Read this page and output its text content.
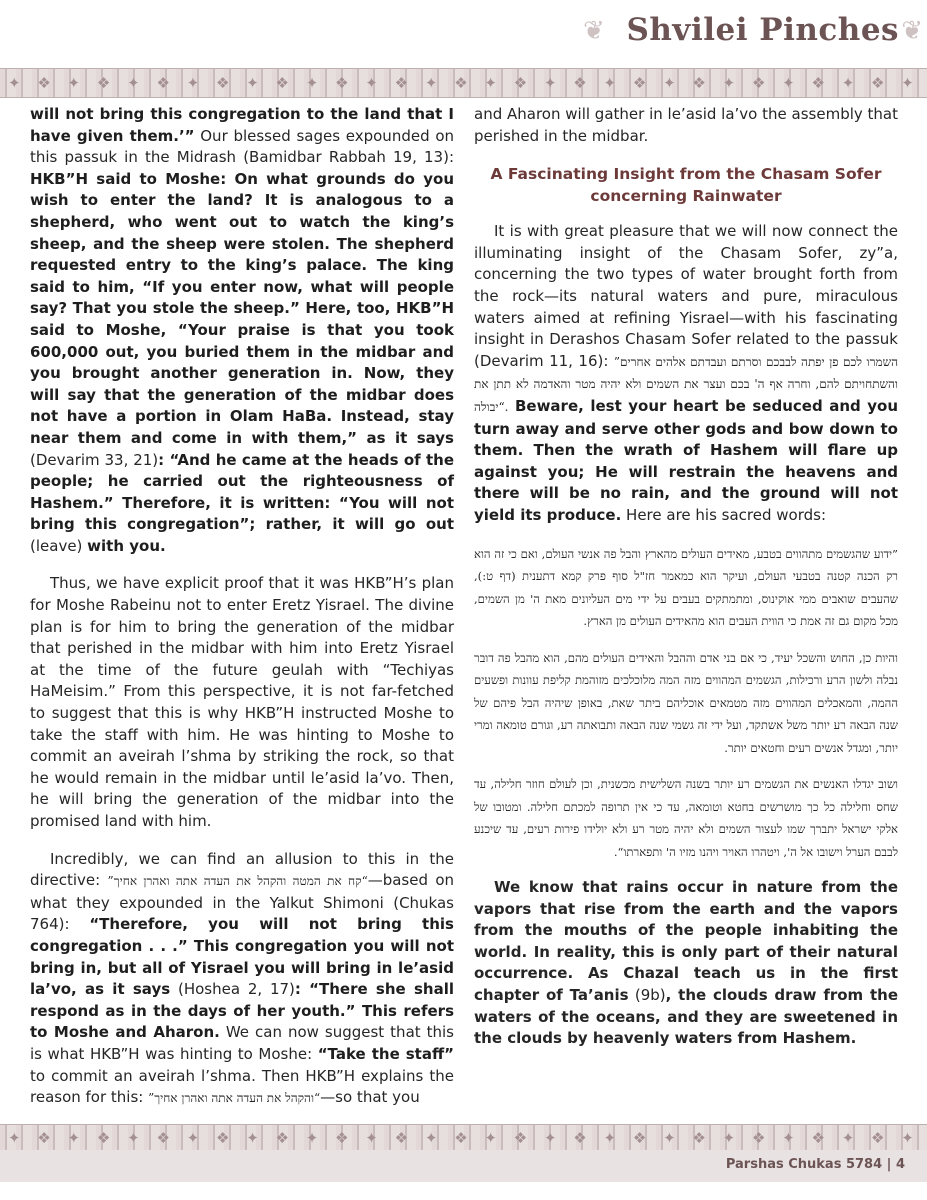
❦ Shvilei Pinches ❦
✦ ❖ ✦ ❖ ✦ ❖ ✦ ❖ ✦ ❖ ✦ ❖ ✦ ❖ ✦ ❖ ✦ ❖ ✦ ❖ ✦ ❖ ✦ ❖ ✦ ❖ ✦ ❖ ✦ ❖ ✦

will not bring this congregation to the land that I have given them.’” Our blessed sages expounded on this passuk in the Midrash (Bamidbar Rabbah 19, 13): HKB”H said to Moshe: On what grounds do you wish to enter the land? It is analogous to a shepherd, who went out to watch the king’s sheep, and the sheep were stolen. The shepherd requested entry to the king’s palace. The king said to him, “If you enter now, what will people say? That you stole the sheep.” Here, too, HKB”H said to Moshe, “Your praise is that you took 600,000 out, you buried them in the midbar and you brought another generation in. Now, they will say that the generation of the midbar does not have a portion in Olam HaBa. Instead, stay near them and come in with them,” as it says (Devarim 33, 21): “And he came at the heads of the people; he carried out the righteousness of Hashem.” Therefore, it is written: “You will not bring this congregation”; rather, it will go out (leave) with you.

Thus, we have explicit proof that it was HKB”H’s plan for Moshe Rabeinu not to enter Eretz Yisrael. The divine plan is for him to bring the generation of the midbar that perished in the midbar with him into Eretz Yisrael at the time of the future geulah with “Techiyas HaMeisim.” From this perspective, it is not far-fetched to suggest that this is why HKB”H instructed Moshe to take the staff with him. He was hinting to Moshe to commit an aveirah l’shma by striking the rock, so that he would remain in the midbar until le’asid la’vo. Then, he will bring the generation of the midbar into the promised land with him.

Incredibly, we can find an allusion to this in the directive: ”קח את המטה והקהל את העדה אתה ואהרן אחיך“—based on what they expounded in the Yalkut Shimoni (Chukas 764): “Therefore, you will not bring this congregation . . .” This congregation you will not bring in, but all of Yisrael you will bring in le’asid la’vo, as it says (Hoshea 2, 17): “There she shall respond as in the days of her youth.” This refers to Moshe and Aharon. We can now suggest that this is what HKB”H was hinting to Moshe: “Take the staff” to commit an aveirah l’shma. Then HKB”H explains the reason for this: ”והקהל את העדה אתה ואהרן אחיך“—so that you

and Aharon will gather in le’asid la’vo the assembly that perished in the midbar.

A Fascinating Insight from the Chasam Sofer
concerning Rainwater

It is with great pleasure that we will now connect the illuminating insight of the Chasam Sofer, zy”a, concerning the two types of water brought forth from the rock—its natural waters and pure, miraculous waters aimed at refining Yisrael—with his fascinating insight in Derashos Chasam Sofer related to the passuk (Devarim 11, 16): ”השמרו לכם פן יפתה לבבכם וסרתם ועבדתם אלהים אחרים והשתחויתם להם, וחרה אף ה' בכם ועצר את השמים ולא יהיה מטר והאדמה לא תתן את יבולה“. Beware, lest your heart be seduced and you turn away and serve other gods and bow down to them. Then the wrath of Hashem will flare up against you; He will restrain the heavens and there will be no rain, and the ground will not yield its produce. Here are his sacred words:

”ידוע שהגשמים מתהווים בטבע, מאידים העולים מהארץ והבל פה אנשי העולם, ואם כי זה הוא רק הכנה קטנה בטבעי העולם, ועיקר הוא כמאמר חז"ל סוף פרק קמא דתענית (דף ט:), שהעבים שואבים ממי אוקינוס, ומתמתקים בעבים על ידי מים העליונים מאת ה' מן השמים, מכל מקום גם זה אמת כי הווית העבים הוא מהאידים העולים מן הארץ.
והיות כן, החוש והשכל יעיד, כי אם בני אדם וההבל והאידים העולים מהם, הוא מהבל פה דובר נבלה ולשון הרע ורכילות, הגשמים המהווים מזה המה מלוכלכים מזוהמת קליפת עוונות ופשעים ההמה, והמאכלים המהווים מזה מטמאים אוכליהם ביתר שאת, באופן שיהיה הבל פיהם של שנה הבאה רע יותר משל אשתקד, ועל ידי זה גשמי שנה הבאה ותבואתה רע, וגורם טומאה ומרי יותר, ומגדל אנשים רעים וחטאים יותר.
ושוב יגדלו האנשים את הגשמים רע יותר בשנה השלישית מכשנית, וכן לעולם חוזר חלילה, עד שחס וחלילה כל כך מושרשים בחטא וטומאה, עד כי אין תרופה למכתם חלילה. ומטובו של אלקי ישראל יתברך שמו לעצור השמים ולא יהיה מטר רע ולא יולידו פירות רעים, עד שיכנע לבבם הערל וישובו אל ה', ויטהרו האויר ויהנו מזיו ה' ותפארתו“.

We know that rains occur in nature from the vapors that rise from the earth and the vapors from the mouths of the people inhabiting the world. In reality, this is only part of their natural occurrence. As Chazal teach us in the first chapter of Ta’anis (9b), the clouds draw from the waters of the oceans, and they are sweetened in the clouds by heavenly waters from Hashem.

✦ ❖ ✦ ❖ ✦ ❖ ✦ ❖ ✦ ❖ ✦ ❖ ✦ ❖ ✦ ❖ ✦ ❖ ✦ ❖ ✦ ❖ ✦ ❖ ✦ ❖ ✦ ❖ ✦ ❖ ✦
Parshas Chukas 5784 | 4
